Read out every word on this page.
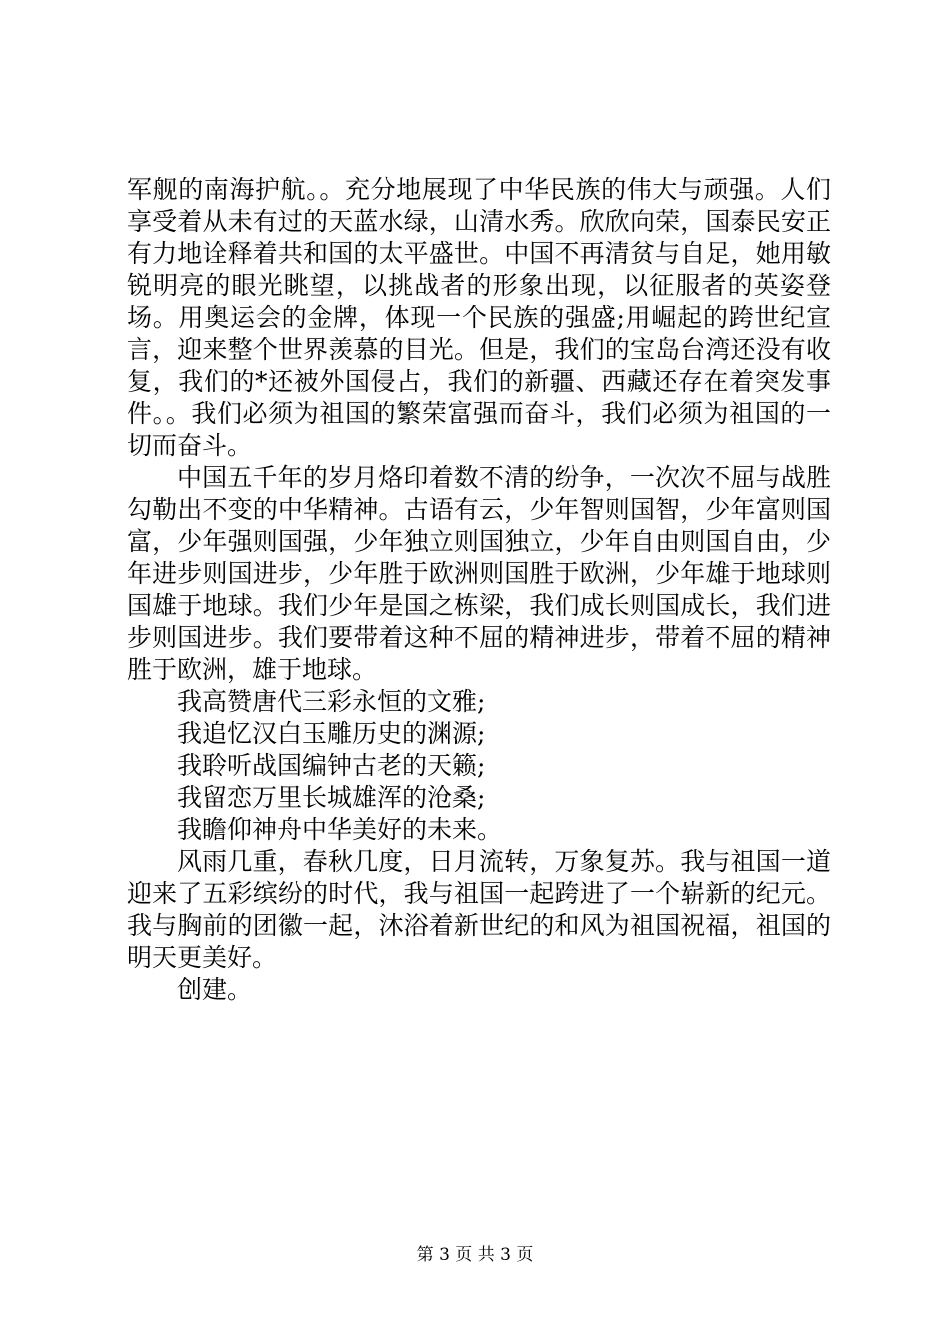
军舰的南海护航。。充分地展现了中华民族的伟大与顽强。人们享受着从未有过的天蓝水绿，山清水秀。欣欣向荣，国泰民安正有力地诠释着共和国的太平盛世。中国不再清贫与自足，她用敏锐明亮的眼光眺望，以挑战者的形象出现，以征服者的英姿登场。用奥运会的金牌，体现一个民族的强盛;用崛起的跨世纪宣言，迎来整个世界羡慕的目光。但是，我们的宝岛台湾还没有收复，我们的*还被外国侵占，我们的新疆、西藏还存在着突发事件。。我们必须为祖国的繁荣富强而奋斗，我们必须为祖国的一切而奋斗。

中国五千年的岁月烙印着数不清的纷争，一次次不屈与战胜勾勒出不变的中华精神。古语有云，少年智则国智，少年富则国富，少年强则国强，少年独立则国独立，少年自由则国自由，少年进步则国进步，少年胜于欧洲则国胜于欧洲，少年雄于地球则国雄于地球。我们少年是国之栋梁，我们成长则国成长，我们进步则国进步。我们要带着这种不屈的精神进步，带着不屈的精神胜于欧洲，雄于地球。

我高赞唐代三彩永恒的文雅;

我追忆汉白玉雕历史的渊源;

我聆听战国编钟古老的天籁;

我留恋万里长城雄浑的沧桑;

我瞻仰神舟中华美好的未来。

风雨几重，春秋几度，日月流转，万象复苏。我与祖国一道迎来了五彩缤纷的时代，我与祖国一起跨进了一个崭新的纪元。我与胸前的团徽一起，沐浴着新世纪的和风为祖国祝福，祖国的明天更美好。

创建。

第 3 页 共 3 页
